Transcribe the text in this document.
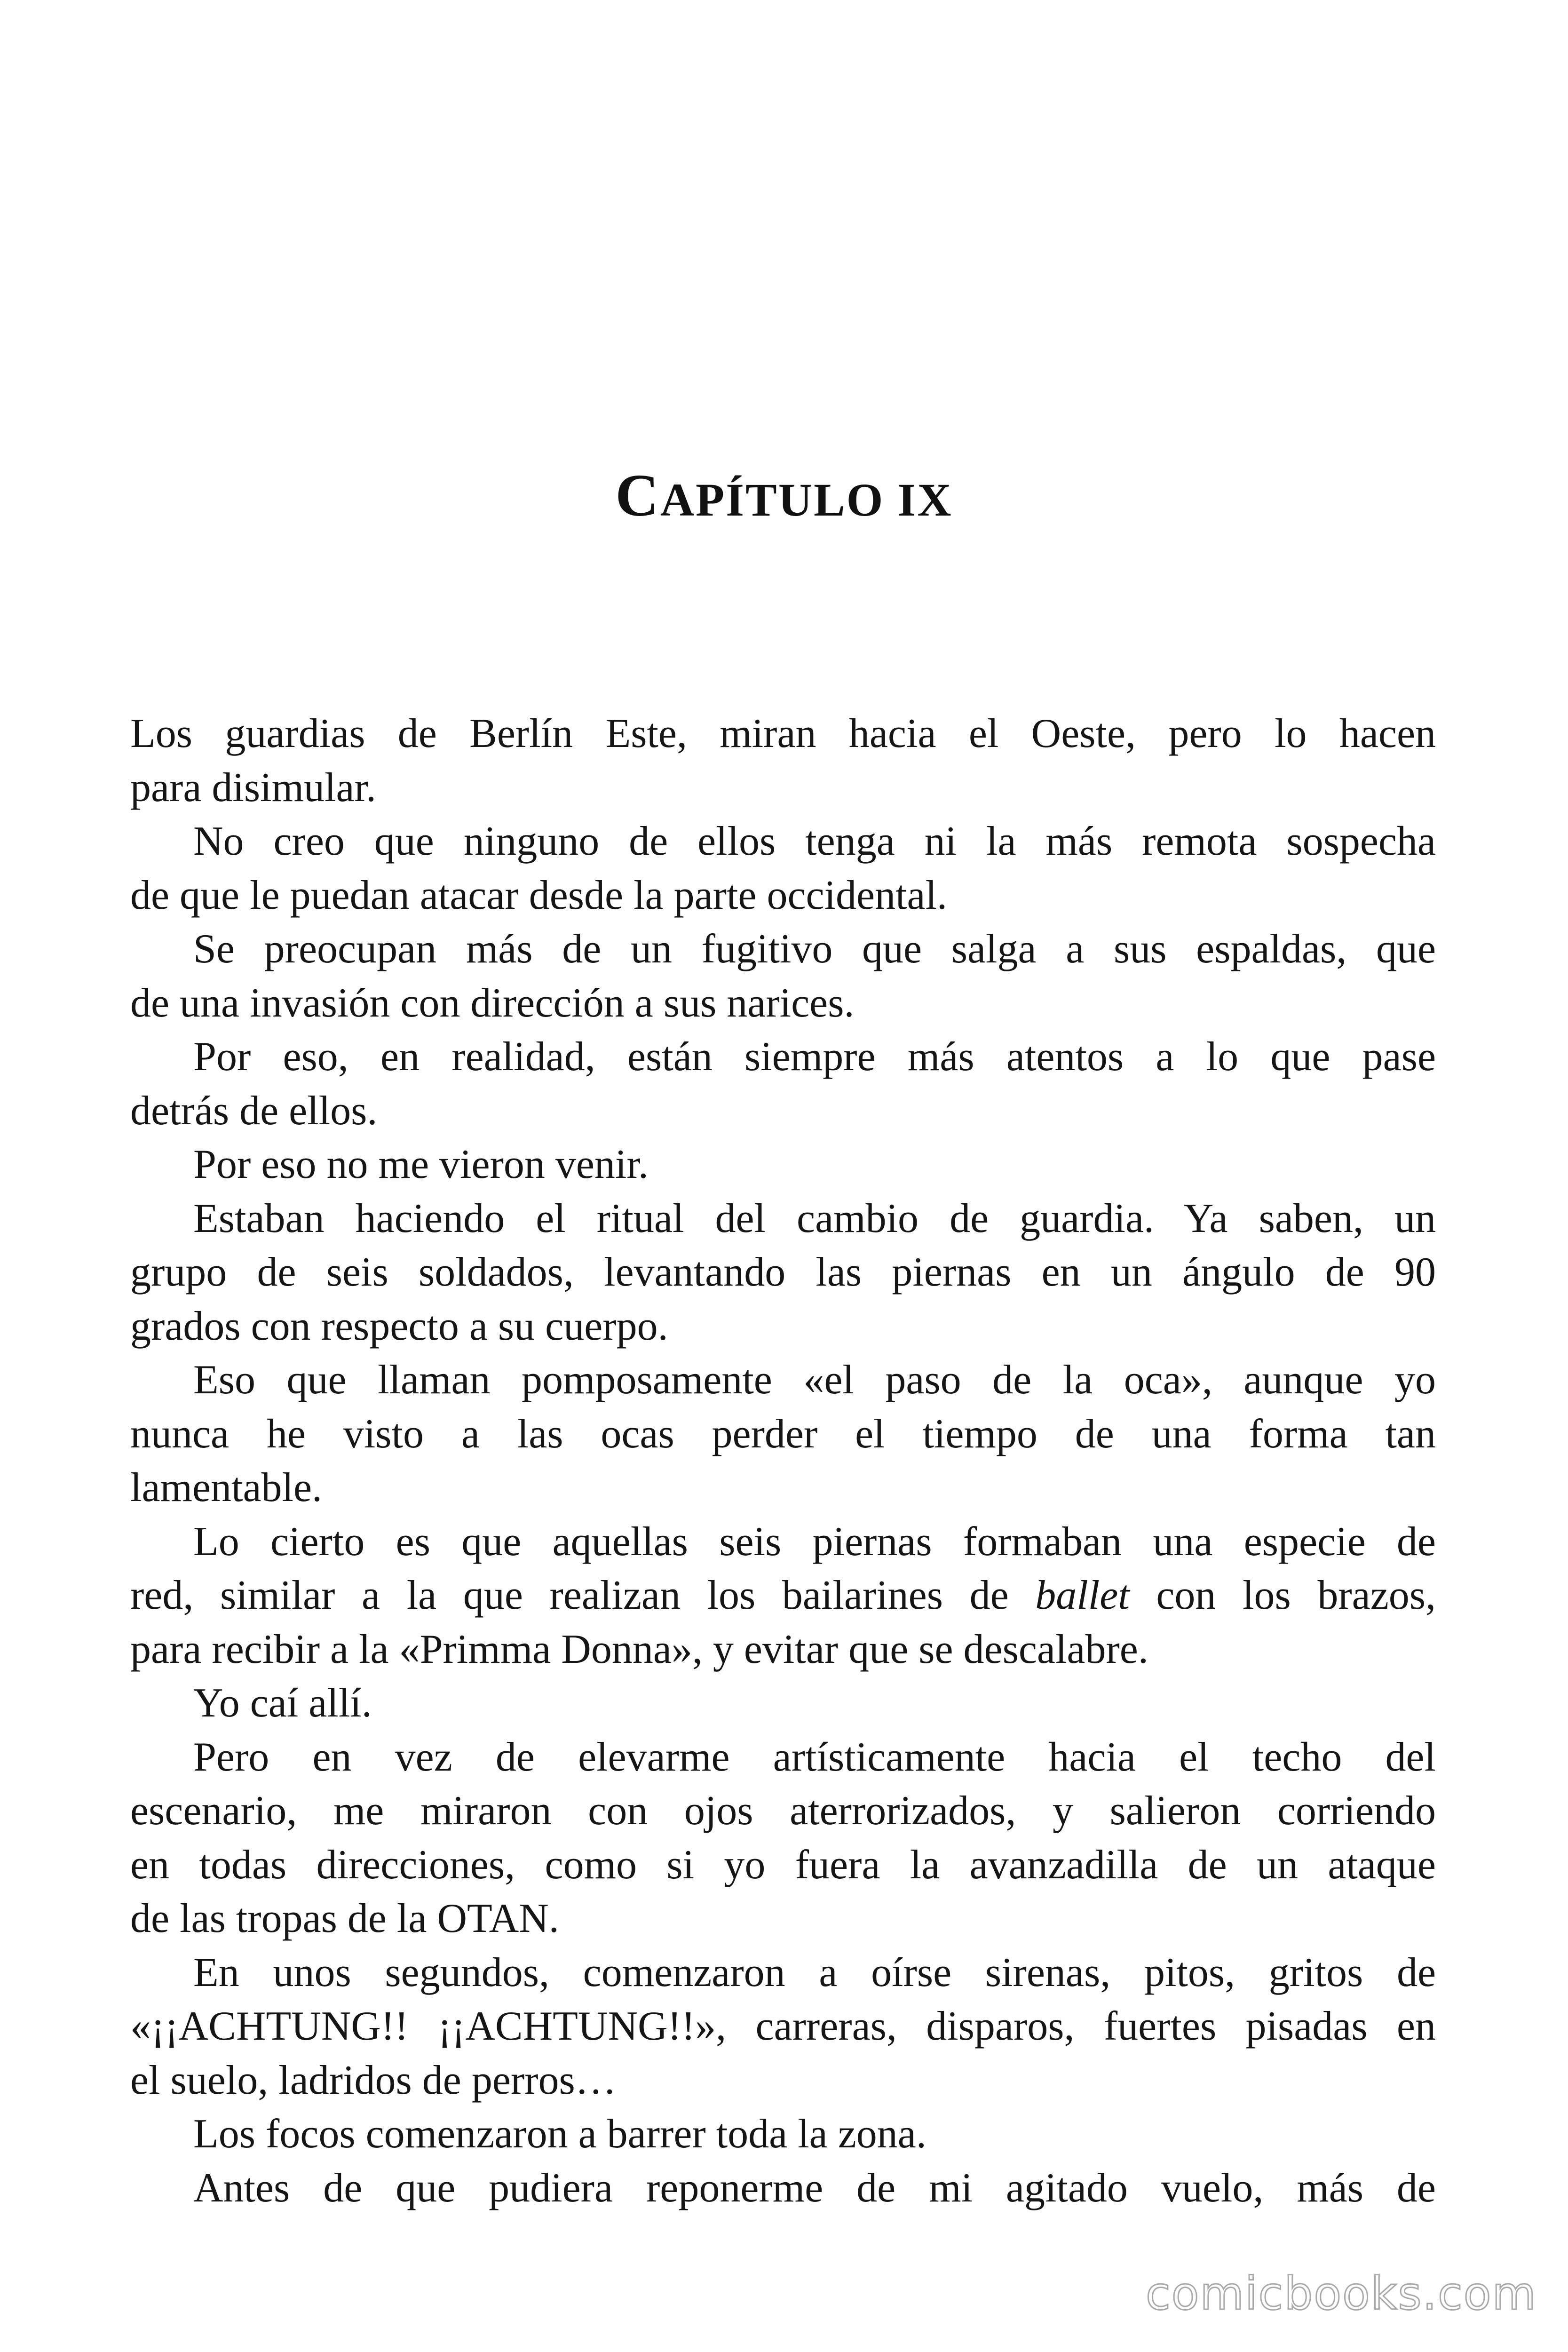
CAPÍTULO IX
Los guardias de Berlín Este, miran hacia el Oeste, pero lo hacen
para disimular.
No creo que ninguno de ellos tenga ni la más remota sospecha
de que le puedan atacar desde la parte occidental.
Se preocupan más de un fugitivo que salga a sus espaldas, que
de una invasión con dirección a sus narices.
Por eso, en realidad, están siempre más atentos a lo que pase
detrás de ellos.
Por eso no me vieron venir.
Estaban haciendo el ritual del cambio de guardia. Ya saben, un
grupo de seis soldados, levantando las piernas en un ángulo de 90
grados con respecto a su cuerpo.
Eso que llaman pomposamente «el paso de la oca», aunque yo
nunca he visto a las ocas perder el tiempo de una forma tan
lamentable.
Lo cierto es que aquellas seis piernas formaban una especie de
red, similar a la que realizan los bailarines de ballet con los brazos,
para recibir a la «Primma Donna», y evitar que se descalabre.
Yo caí allí.
Pero en vez de elevarme artísticamente hacia el techo del
escenario, me miraron con ojos aterrorizados, y salieron corriendo
en todas direcciones, como si yo fuera la avanzadilla de un ataque
de las tropas de la OTAN.
En unos segundos, comenzaron a oírse sirenas, pitos, gritos de
«¡¡ACHTUNG!! ¡¡ACHTUNG!!», carreras, disparos, fuertes pisadas en
el suelo, ladridos de perros…
Los focos comenzaron a barrer toda la zona.
Antes de que pudiera reponerme de mi agitado vuelo, más de
comicbooks.com
